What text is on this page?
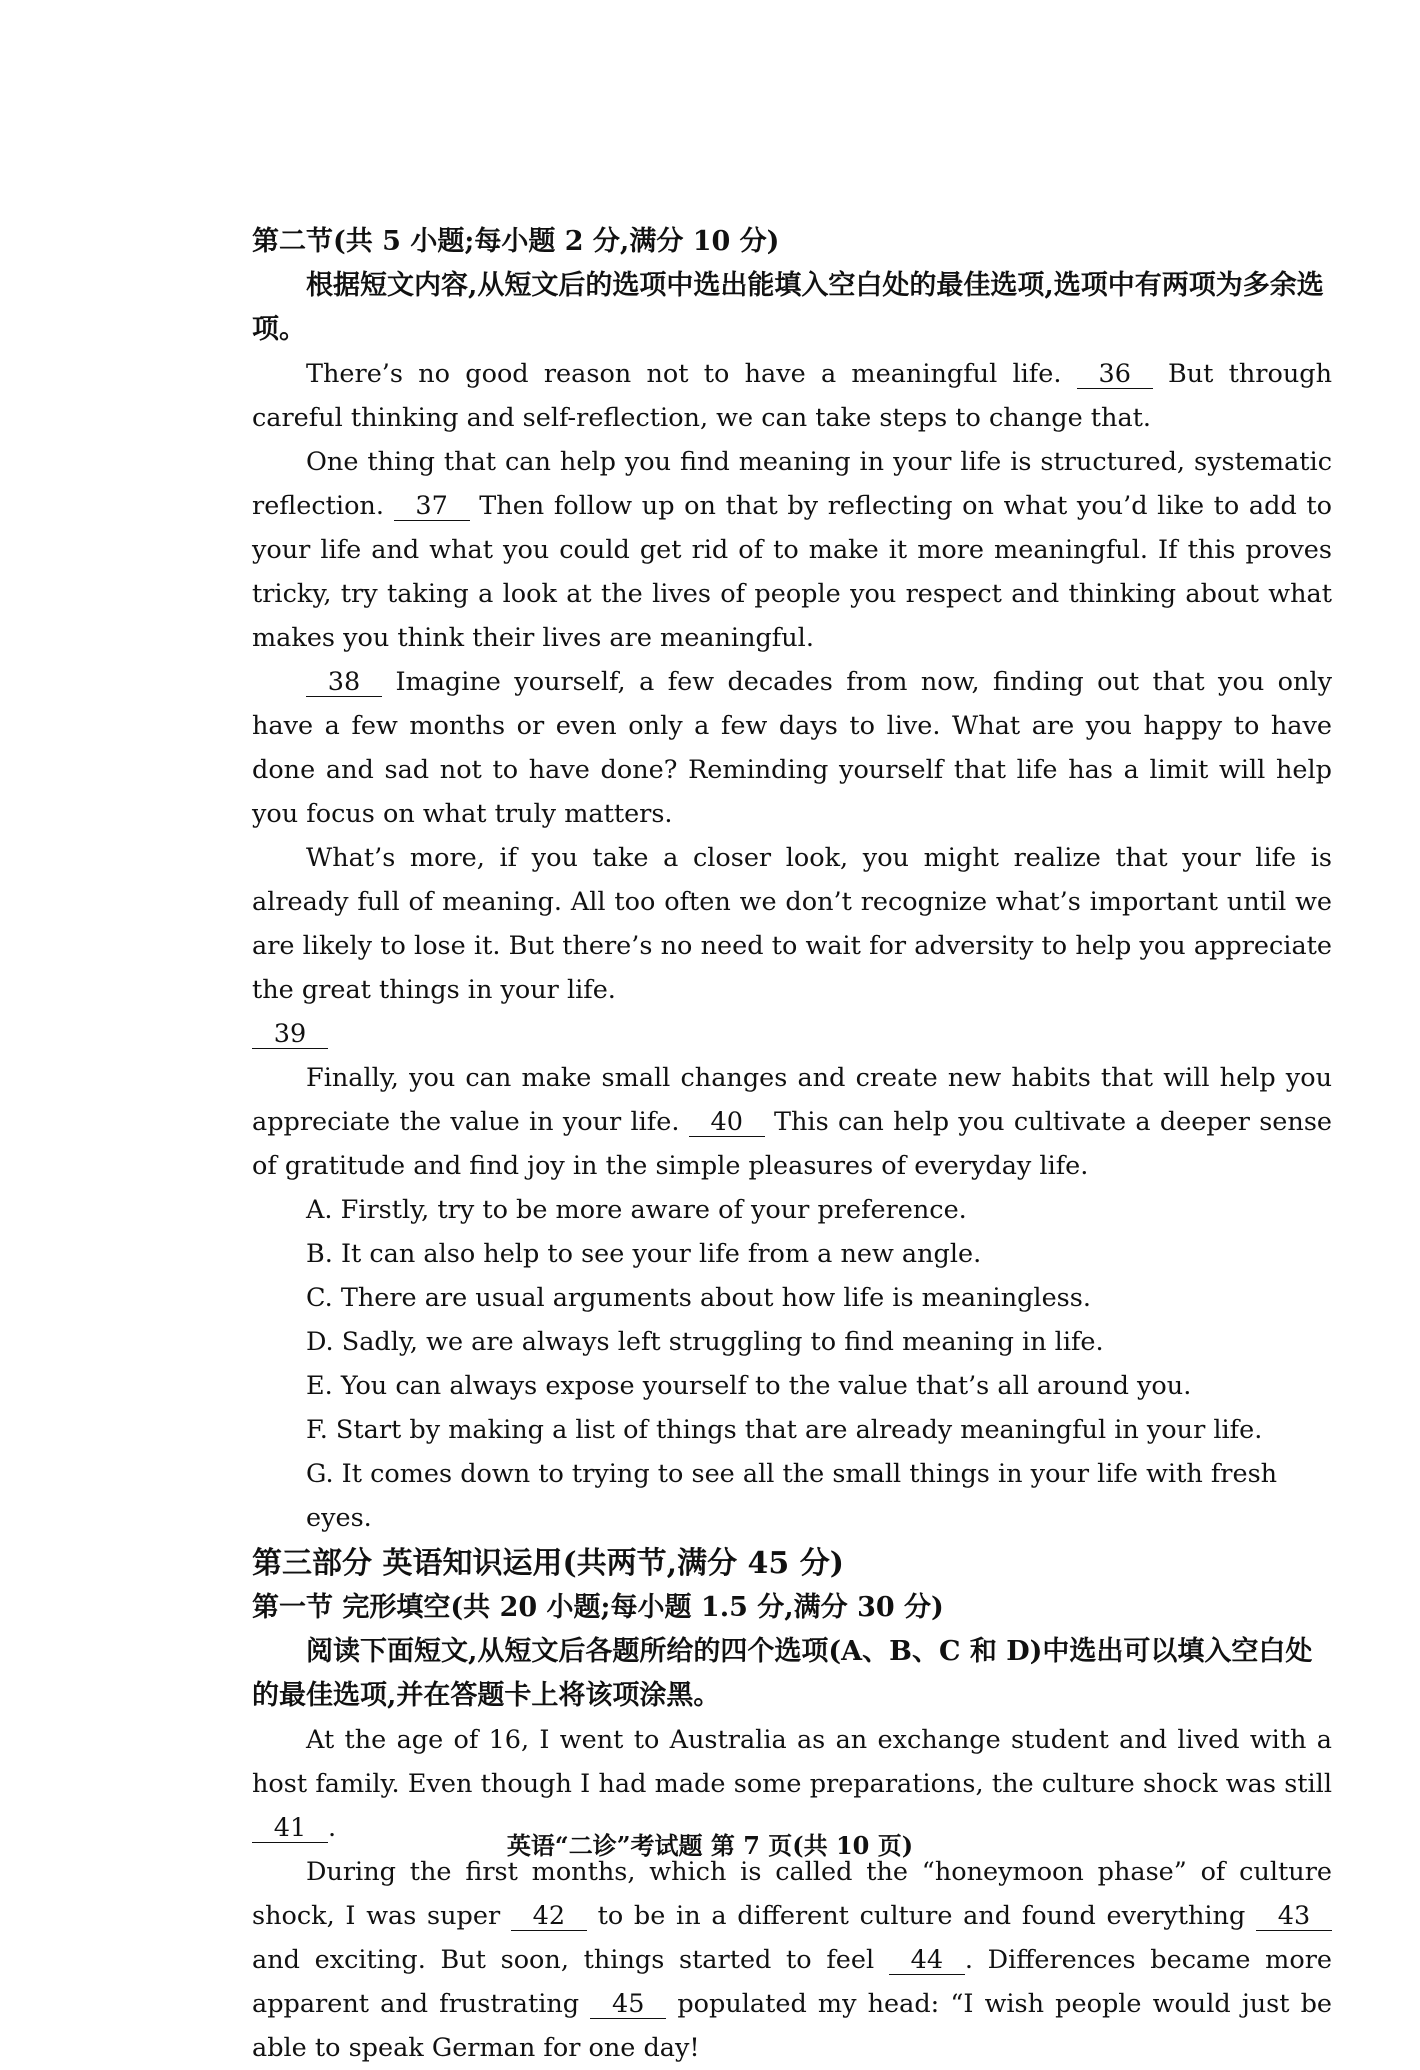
第二节(共 5 小题;每小题 2 分,满分 10 分)

根据短文内容,从短文后的选项中选出能填入空白处的最佳选项,选项中有两项为多余选项。

There’s no good reason not to have a meaningful life. 36 But through careful thinking and self-reflection, we can take steps to change that.

One thing that can help you find meaning in your life is structured, systematic reflection. 37 Then follow up on that by reflecting on what you’d like to add to your life and what you could get rid of to make it more meaningful. If this proves tricky, try taking a look at the lives of people you respect and thinking about what makes you think their lives are meaningful.

38 Imagine yourself, a few decades from now, finding out that you only have a few months or even only a few days to live. What are you happy to have done and sad not to have done? Reminding yourself that life has a limit will help you focus on what truly matters.

What’s more, if you take a closer look, you might realize that your life is already full of meaning. All too often we don’t recognize what’s important until we are likely to lose it. But there’s no need to wait for adversity to help you appreciate the great things in your life.

39

Finally, you can make small changes and create new habits that will help you appreciate the value in your life. 40 This can help you cultivate a deeper sense of gratitude and find joy in the simple pleasures of everyday life.

A. Firstly, try to be more aware of your preference.

B. It can also help to see your life from a new angle.

C. There are usual arguments about how life is meaningless.

D. Sadly, we are always left struggling to find meaning in life.

E. You can always expose yourself to the value that’s all around you.

F. Start by making a list of things that are already meaningful in your life.

G. It comes down to trying to see all the small things in your life with fresh eyes.

第三部分 英语知识运用(共两节,满分 45 分)
第一节 完形填空(共 20 小题;每小题 1.5 分,满分 30 分)

阅读下面短文,从短文后各题所给的四个选项(A、B、C 和 D)中选出可以填入空白处的最佳选项,并在答题卡上将该项涂黑。

At the age of 16, I went to Australia as an exchange student and lived with a host family. Even though I had made some preparations, the culture shock was still 41 .

During the first months, which is called the “honeymoon phase” of culture shock, I was super 42 to be in a different culture and found everything 43 and exciting. But soon, things started to feel 44 . Differences became more apparent and frustrating 45 populated my head: “I wish people would just be able to speak German for one day!

英语“二诊”考试题 第 7 页(共 10 页)
